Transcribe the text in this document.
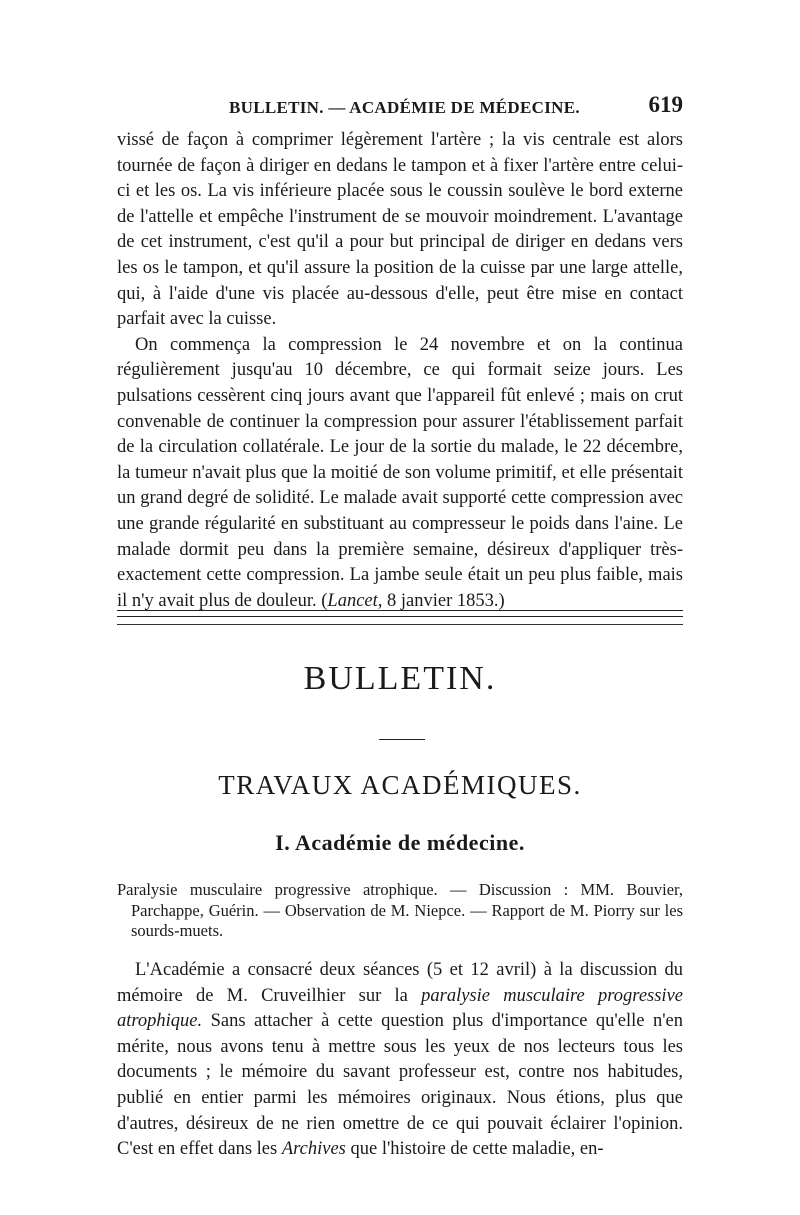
BULLETIN. — ACADÉMIE DE MÉDECINE.	619

vissé de façon à comprimer légèrement l'artère ; la vis centrale est alors tournée de façon à diriger en dedans le tampon et à fixer l'artère entre celui-ci et les os. La vis inférieure placée sous le coussin soulève le bord externe de l'attelle et empêche l'instrument de se mouvoir moindrement. L'avantage de cet instrument, c'est qu'il a pour but principal de diriger en dedans vers les os le tampon, et qu'il assure la position de la cuisse par une large attelle, qui, à l'aide d'une vis placée au-dessous d'elle, peut être mise en contact parfait avec la cuisse.

On commença la compression le 24 novembre et on la continua régulièrement jusqu'au 10 décembre, ce qui formait seize jours. Les pulsations cessèrent cinq jours avant que l'appareil fût enlevé ; mais on crut convenable de continuer la compression pour assurer l'établissement parfait de la circulation collatérale. Le jour de la sortie du malade, le 22 décembre, la tumeur n'avait plus que la moitié de son volume primitif, et elle présentait un grand degré de solidité. Le malade avait supporté cette compression avec une grande régularité en substituant au compresseur le poids dans l'aine. Le malade dormit peu dans la première semaine, désireux d'appliquer très-exactement cette compression. La jambe seule était un peu plus faible, mais il n'y avait plus de douleur. (Lancet, 8 janvier 1853.)

BULLETIN.
TRAVAUX ACADÉMIQUES.
I. Académie de médecine.

Paralysie musculaire progressive atrophique. — Discussion : MM. Bouvier, Parchappe, Guérin. — Observation de M. Niepce. — Rapport de M. Piorry sur les sourds-muets.

L'Académie a consacré deux séances (5 et 12 avril) à la discussion du mémoire de M. Cruveilhier sur la paralysie musculaire progressive atrophique. Sans attacher à cette question plus d'importance qu'elle n'en mérite, nous avons tenu à mettre sous les yeux de nos lecteurs tous les documents ; le mémoire du savant professeur est, contre nos habitudes, publié en entier parmi les mémoires originaux. Nous étions, plus que d'autres, désireux de ne rien omettre de ce qui pouvait éclairer l'opinion. C'est en effet dans les Archives que l'histoire de cette maladie, en-
